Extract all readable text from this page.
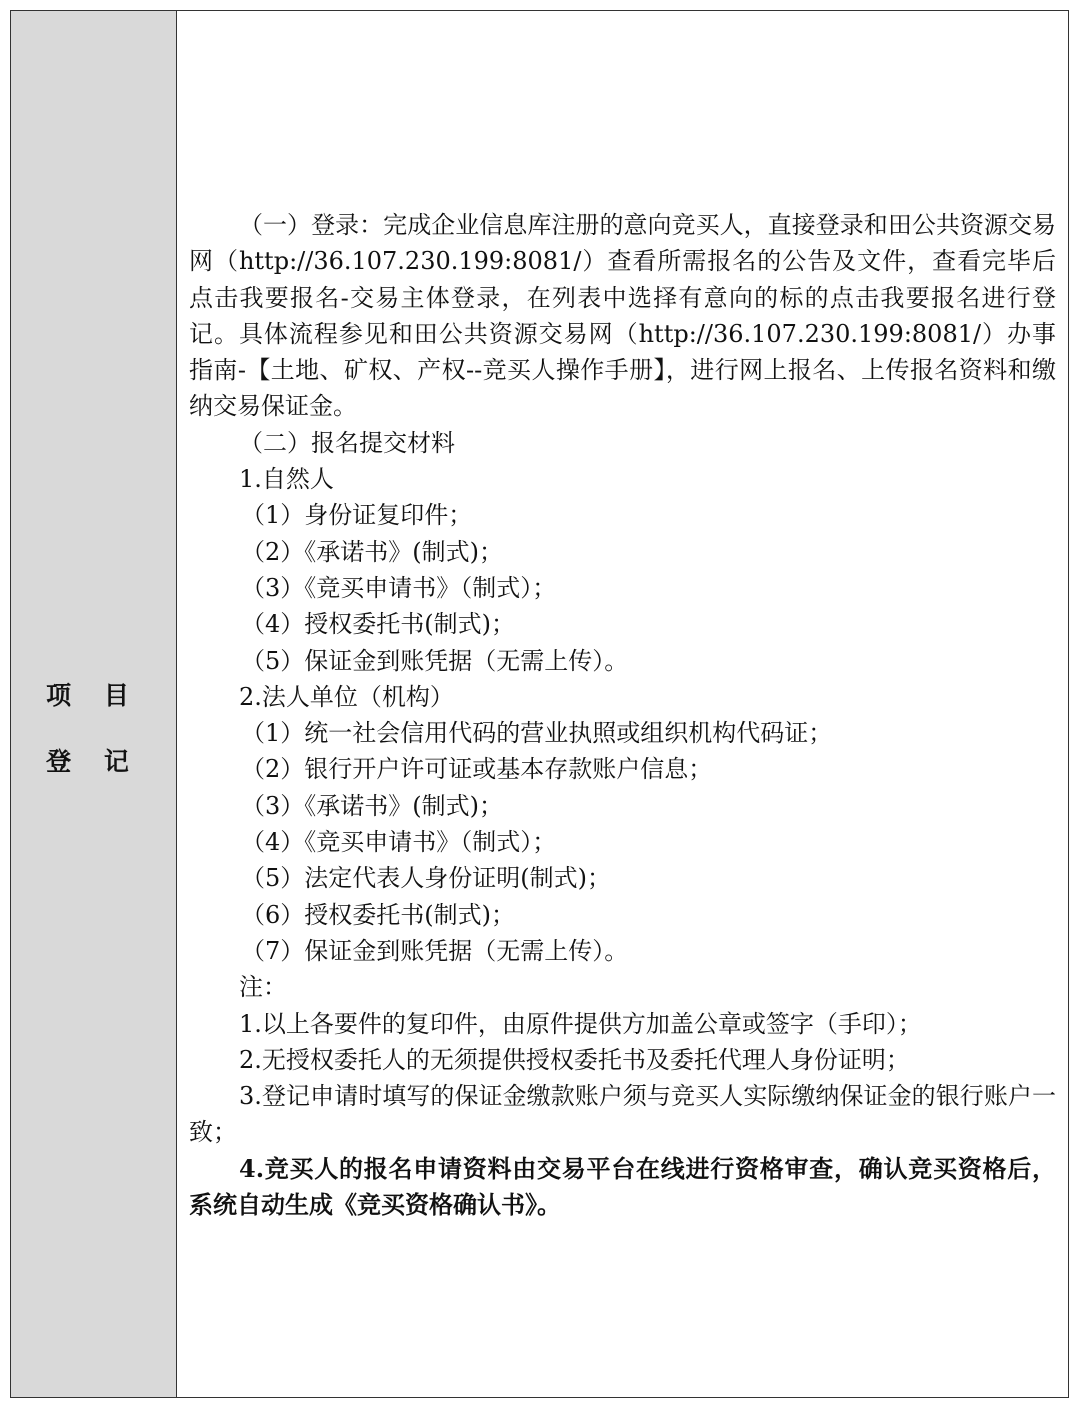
项 目
登 记

（一）登录：完成企业信息库注册的意向竞买人，直接登录和田公共资源交易网（http://36.107.230.199:8081/）查看所需报名的公告及文件，查看完毕后点击我要报名-交易主体登录，在列表中选择有意向的标的点击我要报名进行登记。具体流程参见和田公共资源交易网（http://36.107.230.199:8081/）办事指南-【土地、矿权、产权--竞买人操作手册】，进行网上报名、上传报名资料和缴纳交易保证金。

（二）报名提交材料

1.自然人

（1）身份证复印件；

（2）《承诺书》(制式)；

（3）《竞买申请书》（制式）；

（4）授权委托书(制式)；

（5）保证金到账凭据（无需上传）。

2.法人单位（机构）

（1）统一社会信用代码的营业执照或组织机构代码证；

（2）银行开户许可证或基本存款账户信息；

（3）《承诺书》(制式)；

（4）《竞买申请书》（制式）；

（5）法定代表人身份证明(制式)；

（6）授权委托书(制式)；

（7）保证金到账凭据（无需上传）。

注：

1.以上各要件的复印件，由原件提供方加盖公章或签字（手印）；

2.无授权委托人的无须提供授权委托书及委托代理人身份证明；

3.登记申请时填写的保证金缴款账户须与竞买人实际缴纳保证金的银行账户一致；

4.竞买人的报名申请资料由交易平台在线进行资格审查，确认竞买资格后，系统自动生成《竞买资格确认书》。
